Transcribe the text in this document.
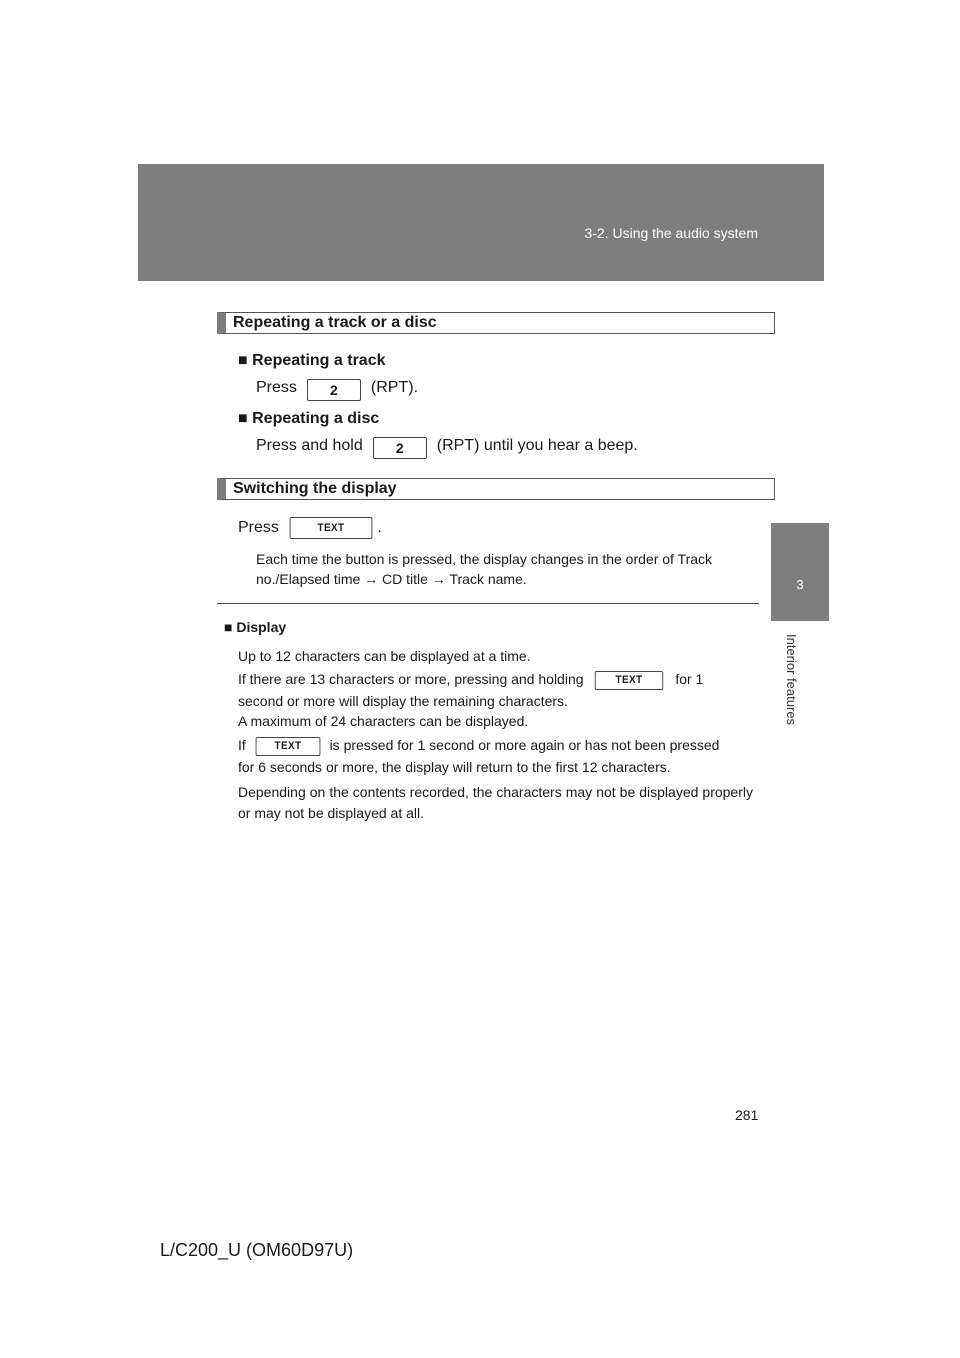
3-2. Using the audio system
3
Interior features
Repeating a track or a disc
■ Repeating a track
Press 2 (RPT).
■ Repeating a disc
Press and hold 2 (RPT) until you hear a beep.
Switching the display
Press	TEXT .
Each time the button is pressed, the display changes in the order of Track
no./Elapsed time → CD title → Track name.
■ Display
Up to 12 characters can be displayed at a time.
If there are 13 characters or more, pressing and holding	TEXT for 1
second or more will display the remaining characters.
A maximum of 24 characters can be displayed.
If	TEXT is pressed for 1 second or more again or has not been pressed
for 6 seconds or more, the display will return to the first 12 characters.
Depending on the contents recorded, the characters may not be displayed properly or may not be displayed at all.
281
L/C200_U (OM60D97U)
